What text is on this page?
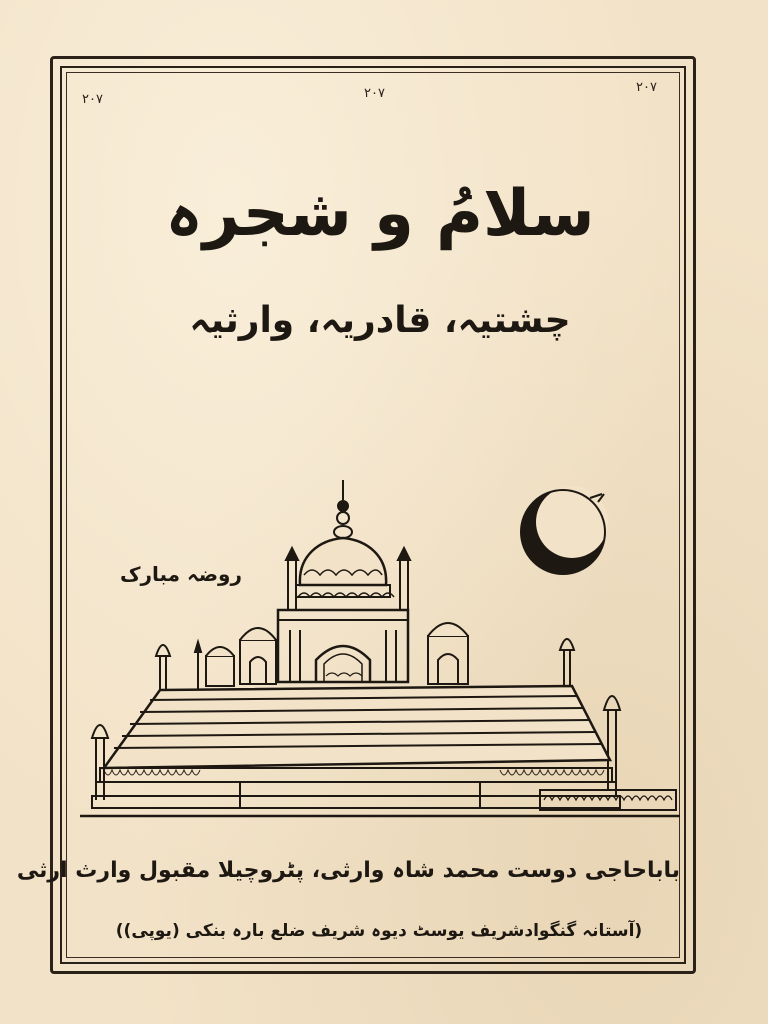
٢٠٧	٢٠٧	٢٠٧
سلامُ و شجرہ
چشتیہ، قادریہ، وارثیہ
روضہ مبارک
باباحاجی دوست محمد شاہ وارثی، پٹروچیلا مقبول وارث ارثی
(آستانہ گنگوادشریف یوسٹ دیوہ شریف ضلع بارہ بنکی (یوپی))
